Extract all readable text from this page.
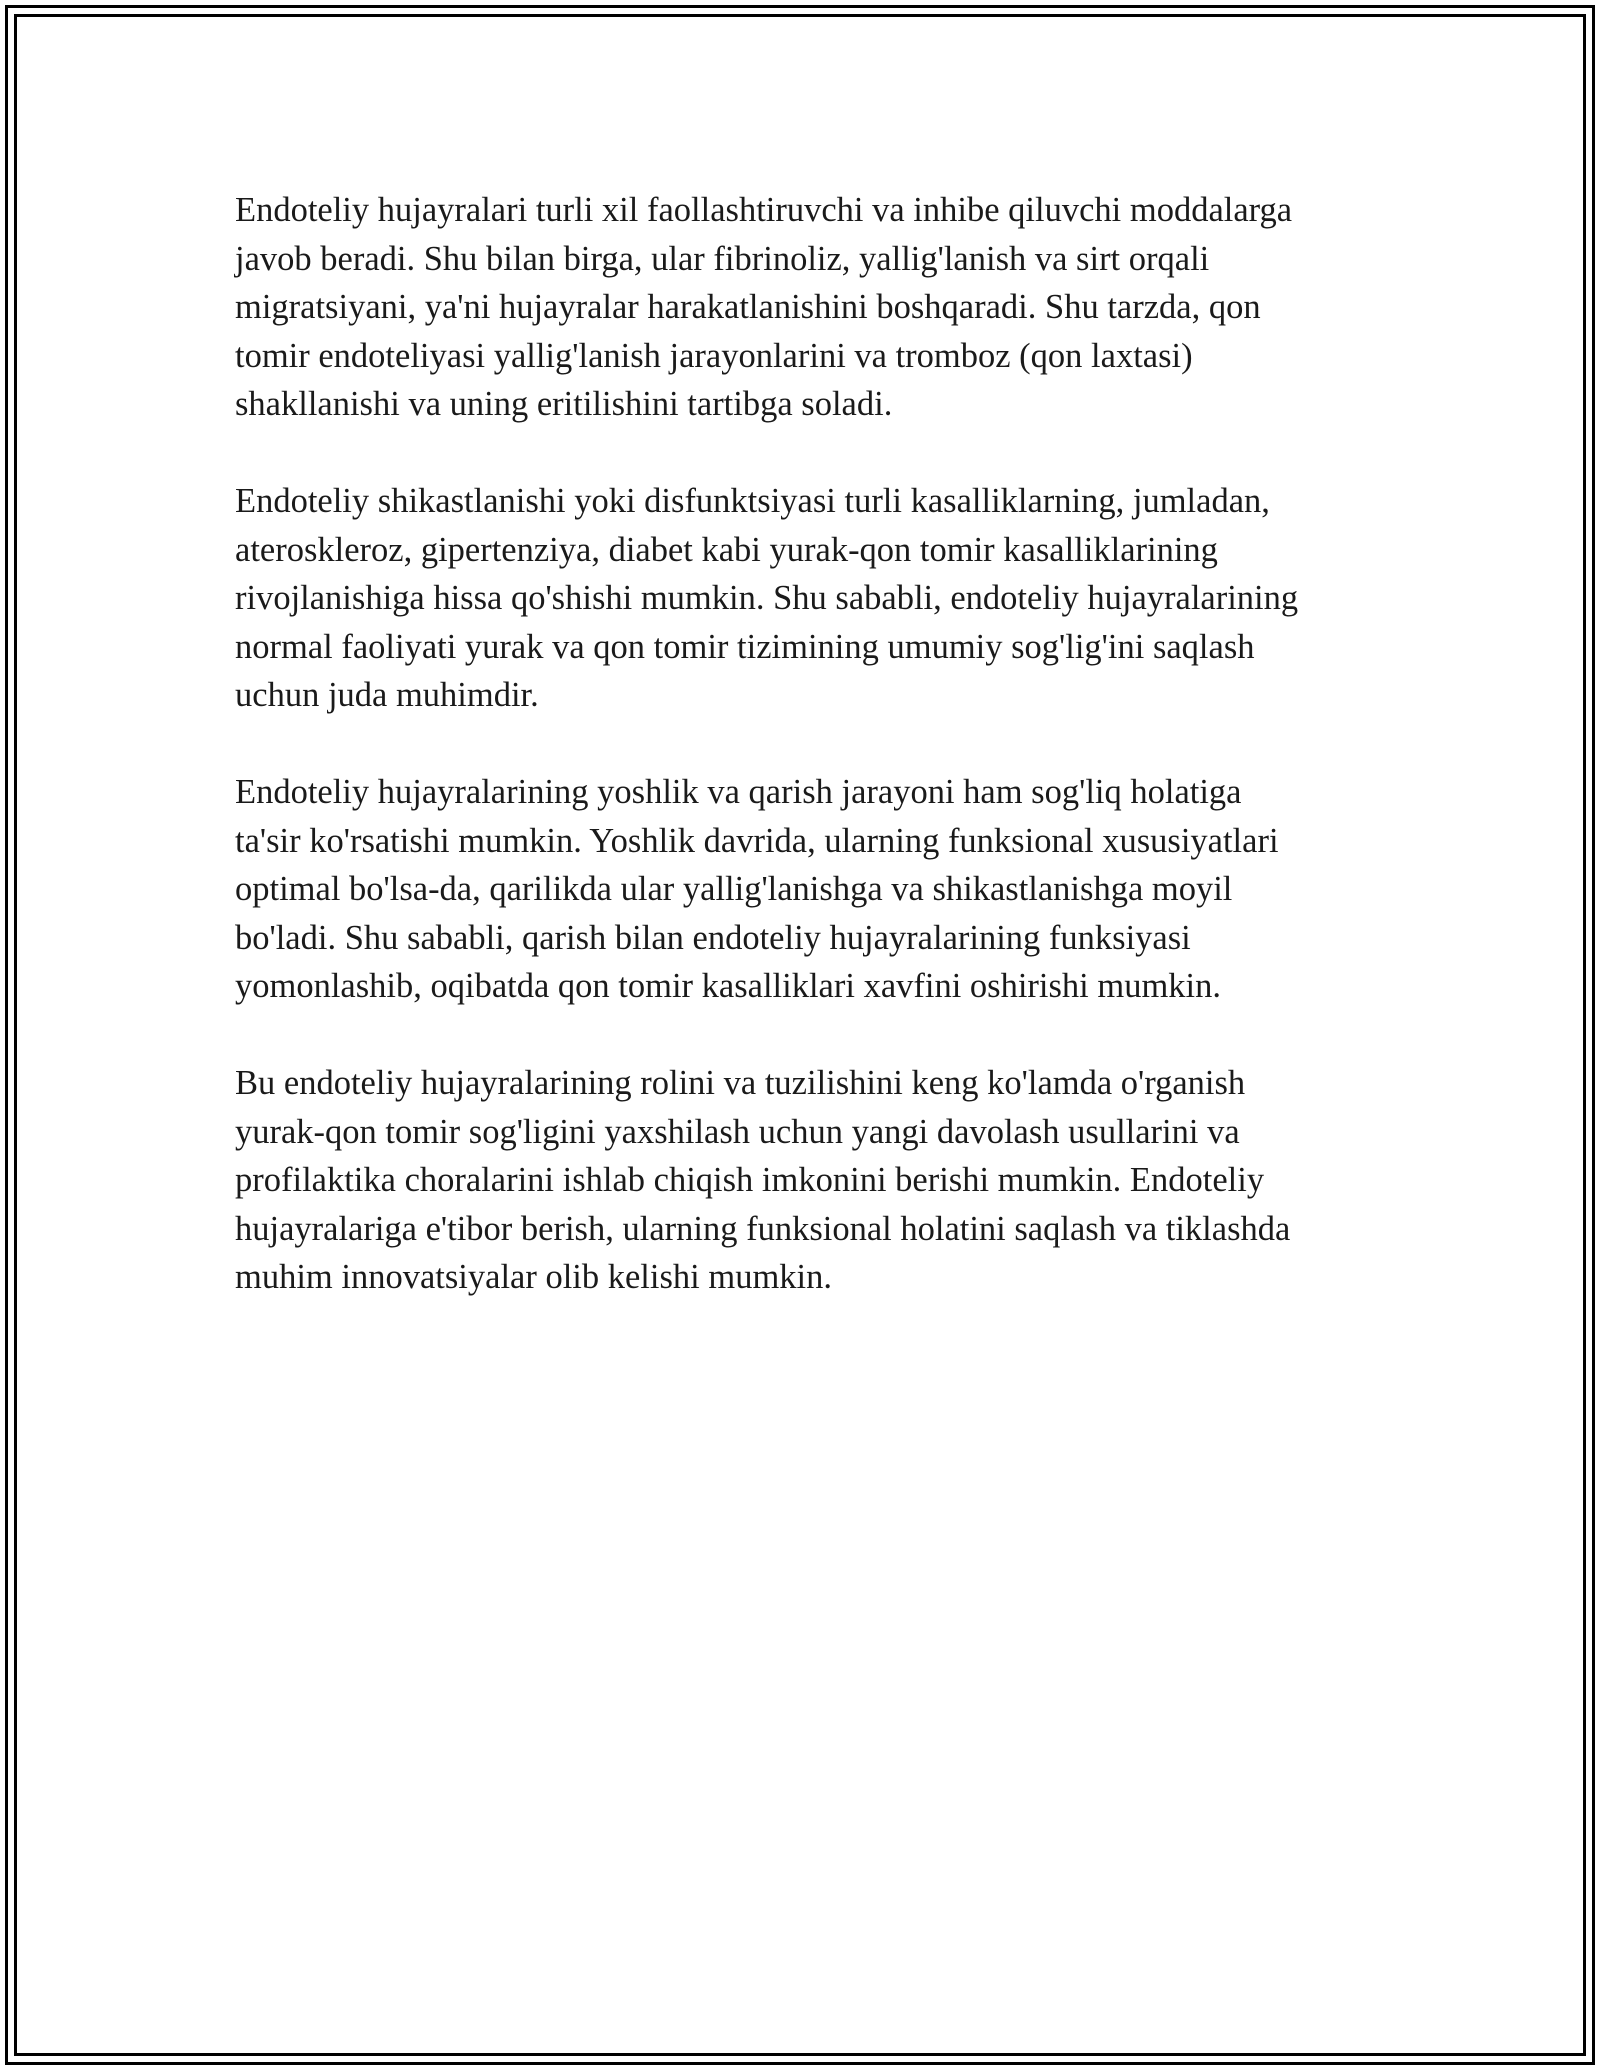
Endoteliy hujayralari turli xil faollashtiruvchi va inhibe qiluvchi moddalarga
javob beradi. Shu bilan birga, ular fibrinoliz, yallig'lanish va sirt orqali
migratsiyani, ya'ni hujayralar harakatlanishini boshqaradi. Shu tarzda, qon
tomir endoteliyasi yallig'lanish jarayonlarini va tromboz (qon laxtasi)
shakllanishi va uning eritilishini tartibga soladi.
Endoteliy shikastlanishi yoki disfunktsiyasi turli kasalliklarning, jumladan,
ateroskleroz, gipertenziya, diabet kabi yurak-qon tomir kasalliklarining
rivojlanishiga hissa qo'shishi mumkin. Shu sababli, endoteliy hujayralarining
normal faoliyati yurak va qon tomir tizimining umumiy sog'lig'ini saqlash
uchun juda muhimdir.
Endoteliy hujayralarining yoshlik va qarish jarayoni ham sog'liq holatiga
ta'sir ko'rsatishi mumkin. Yoshlik davrida, ularning funksional xususiyatlari
optimal bo'lsa-da, qarilikda ular yallig'lanishga va shikastlanishga moyil
bo'ladi. Shu sababli, qarish bilan endoteliy hujayralarining funksiyasi
yomonlashib, oqibatda qon tomir kasalliklari xavfini oshirishi mumkin.
Bu endoteliy hujayralarining rolini va tuzilishini keng ko'lamda o'rganish
yurak-qon tomir sog'ligini yaxshilash uchun yangi davolash usullarini va
profilaktika choralarini ishlab chiqish imkonini berishi mumkin. Endoteliy
hujayralariga e'tibor berish, ularning funksional holatini saqlash va tiklashda
muhim innovatsiyalar olib kelishi mumkin.
